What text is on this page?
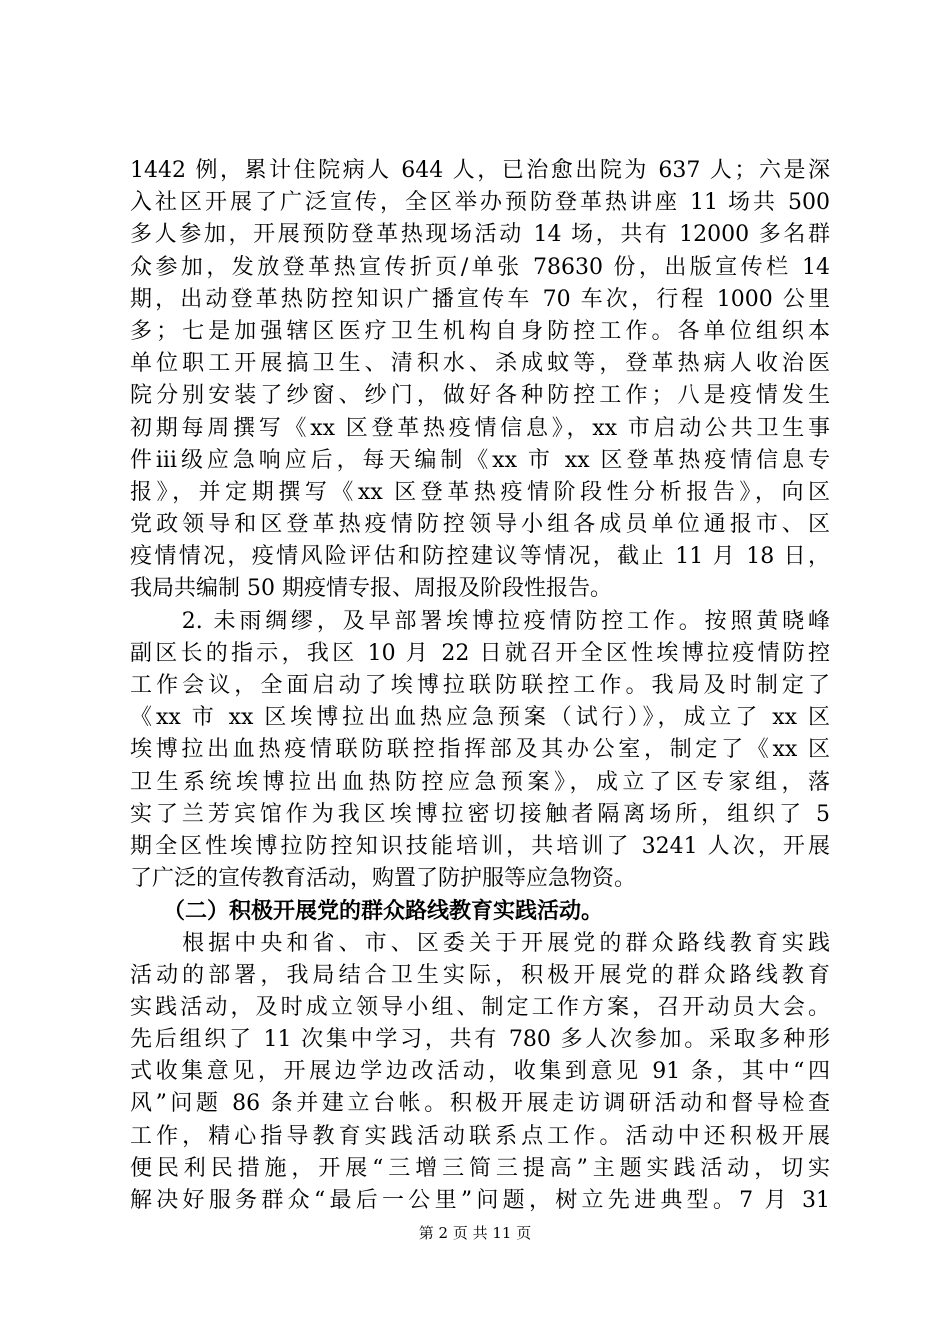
1442 例，累计住院病人 644 人，已治愈出院为 637 人；六是深
入社区开展了广泛宣传，全区举办预防登革热讲座 11 场共 500
多人参加，开展预防登革热现场活动 14 场，共有 12000 多名群
众参加，发放登革热宣传折页/单张 78630 份，出版宣传栏 14
期，出动登革热防控知识广播宣传车 70 车次，行程 1000 公里
多；七是加强辖区医疗卫生机构自身防控工作。各单位组织本
单位职工开展搞卫生、清积水、杀成蚊等，登革热病人收治医
院分别安装了纱窗、纱门，做好各种防控工作；八是疫情发生
初期每周撰写《xx 区登革热疫情信息》，xx 市启动公共卫生事
件ⅲ级应急响应后，每天编制《xx 市 xx 区登革热疫情信息专
报》，并定期撰写《xx 区登革热疫情阶段性分析报告》，向区
党政领导和区登革热疫情防控领导小组各成员单位通报市、区
疫情情况，疫情风险评估和防控建议等情况，截止 11 月 18 日，
我局共编制 50 期疫情专报、周报及阶段性报告。
　　2. 未雨绸缪，及早部署埃博拉疫情防控工作。按照黄晓峰
副区长的指示，我区 10 月 22 日就召开全区性埃博拉疫情防控
工作会议，全面启动了埃博拉联防联控工作。我局及时制定了
《xx 市 xx 区埃博拉出血热应急预案（试行）》，成立了 xx 区
埃博拉出血热疫情联防联控指挥部及其办公室，制定了《xx 区
卫生系统埃博拉出血热防控应急预案》，成立了区专家组，落
实了兰芳宾馆作为我区埃博拉密切接触者隔离场所，组织了 5
期全区性埃博拉防控知识技能培训，共培训了 3241 人次，开展
了广泛的宣传教育活动，购置了防护服等应急物资。
　　（二）积极开展党的群众路线教育实践活动。
　　根据中央和省、市、区委关于开展党的群众路线教育实践
活动的部署，我局结合卫生实际，积极开展党的群众路线教育
实践活动，及时成立领导小组、制定工作方案，召开动员大会。
先后组织了 11 次集中学习，共有 780 多人次参加。采取多种形
式收集意见，开展边学边改活动，收集到意见 91 条，其中“四
风”问题 86 条并建立台帐。积极开展走访调研活动和督导检查
工作，精心指导教育实践活动联系点工作。活动中还积极开展
便民利民措施，开展“三增三简三提高”主题实践活动，切实
解决好服务群众“最后一公里”问题，树立先进典型。7 月 31
第 2 页 共 11 页
